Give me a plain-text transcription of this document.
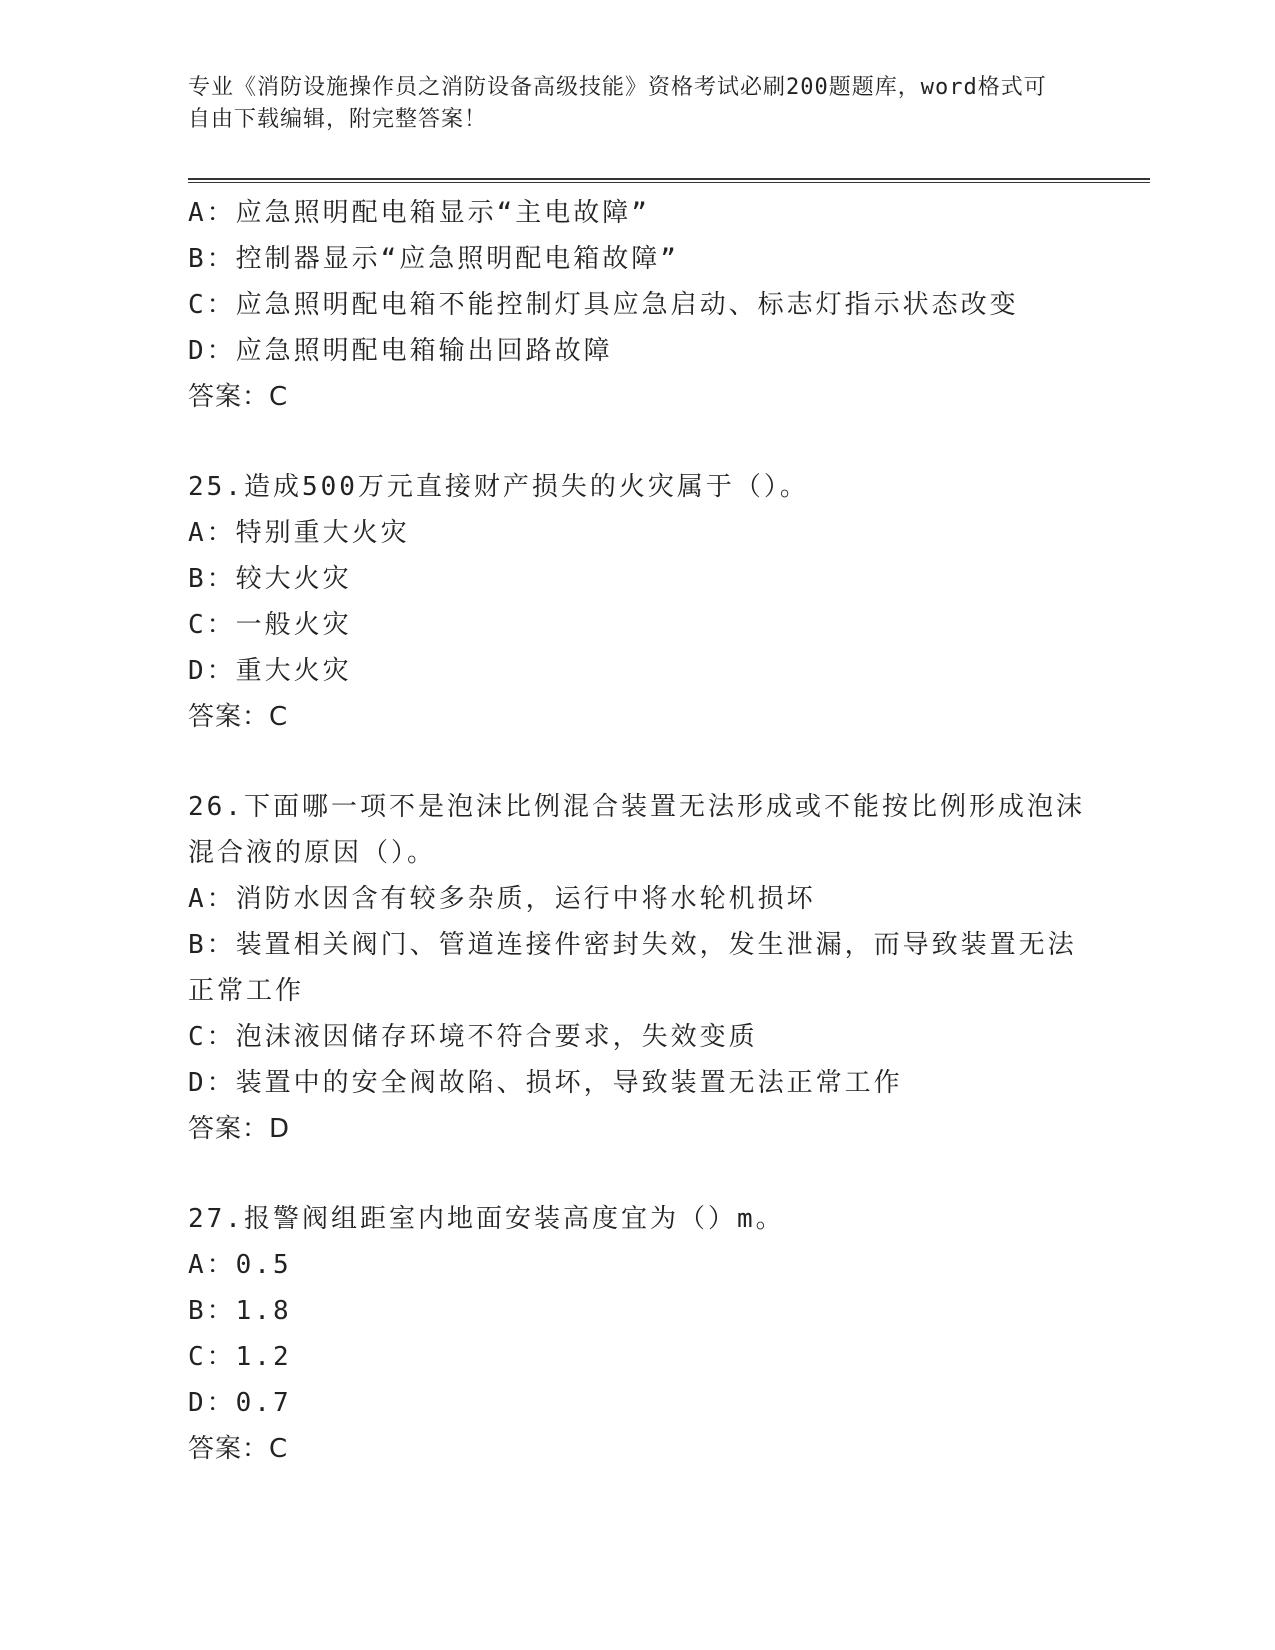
专业《消防设施操作员之消防设备高级技能》资格考试必刷200题题库，word格式可自由下载编辑，附完整答案！
A：应急照明配电箱显示“主电故障”
B：控制器显示“应急照明配电箱故障”
C：应急照明配电箱不能控制灯具应急启动、标志灯指示状态改变
D：应急照明配电箱输出回路故障
答案：C
25.造成500万元直接财产损失的火灾属于（）。
A：特别重大火灾
B：较大火灾
C：一般火灾
D：重大火灾
答案：C
26.下面哪一项不是泡沫比例混合装置无法形成或不能按比例形成泡沫混合液的原因（）。
A：消防水因含有较多杂质，运行中将水轮机损坏
B：装置相关阀门、管道连接件密封失效，发生泄漏，而导致装置无法正常工作
C：泡沫液因储存环境不符合要求，失效变质
D：装置中的安全阀故陷、损坏，导致装置无法正常工作
答案：D
27.报警阀组距室内地面安装高度宜为（）m。
A：0.5
B：1.8
C：1.2
D：0.7
答案：C
